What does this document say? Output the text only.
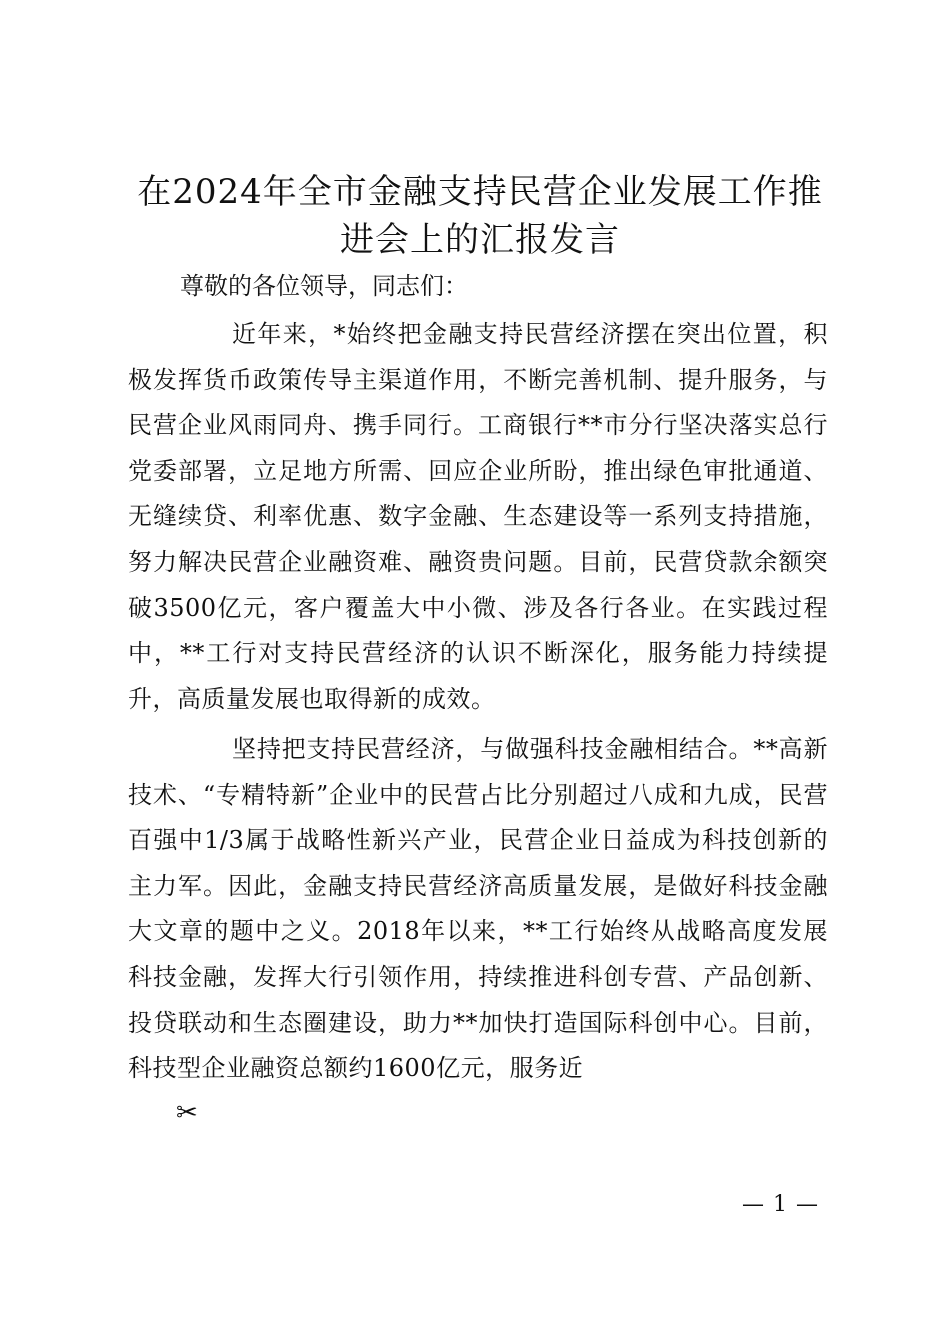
在2024年全市金融支持民营企业发展工作推进会上的汇报发言

尊敬的各位领导，同志们：

近年来，*始终把金融支持民营经济摆在突出位置，积极发挥货币政策传导主渠道作用，不断完善机制、提升服务，与民营企业风雨同舟、携手同行。工商银行**市分行坚决落实总行党委部署，立足地方所需、回应企业所盼，推出绿色审批通道、无缝续贷、利率优惠、数字金融、生态建设等一系列支持措施，努力解决民营企业融资难、融资贵问题。目前，民营贷款余额突破3500亿元，客户覆盖大中小微、涉及各行各业。在实践过程中，**工行对支持民营经济的认识不断深化，服务能力持续提升，高质量发展也取得新的成效。

坚持把支持民营经济，与做强科技金融相结合。**高新技术、“专精特新”企业中的民营占比分别超过八成和九成，民营百强中1/3属于战略性新兴产业，民营企业日益成为科技创新的主力军。因此，金融支持民营经济高质量发展，是做好科技金融大文章的题中之义。2018年以来，**工行始终从战略高度发展科技金融，发挥大行引领作用，持续推进科创专营、产品创新、投贷联动和生态圈建设，助力**加快打造国际科创中心。目前，科技型企业融资总额约1600亿元，服务近

✂
— 1 —
